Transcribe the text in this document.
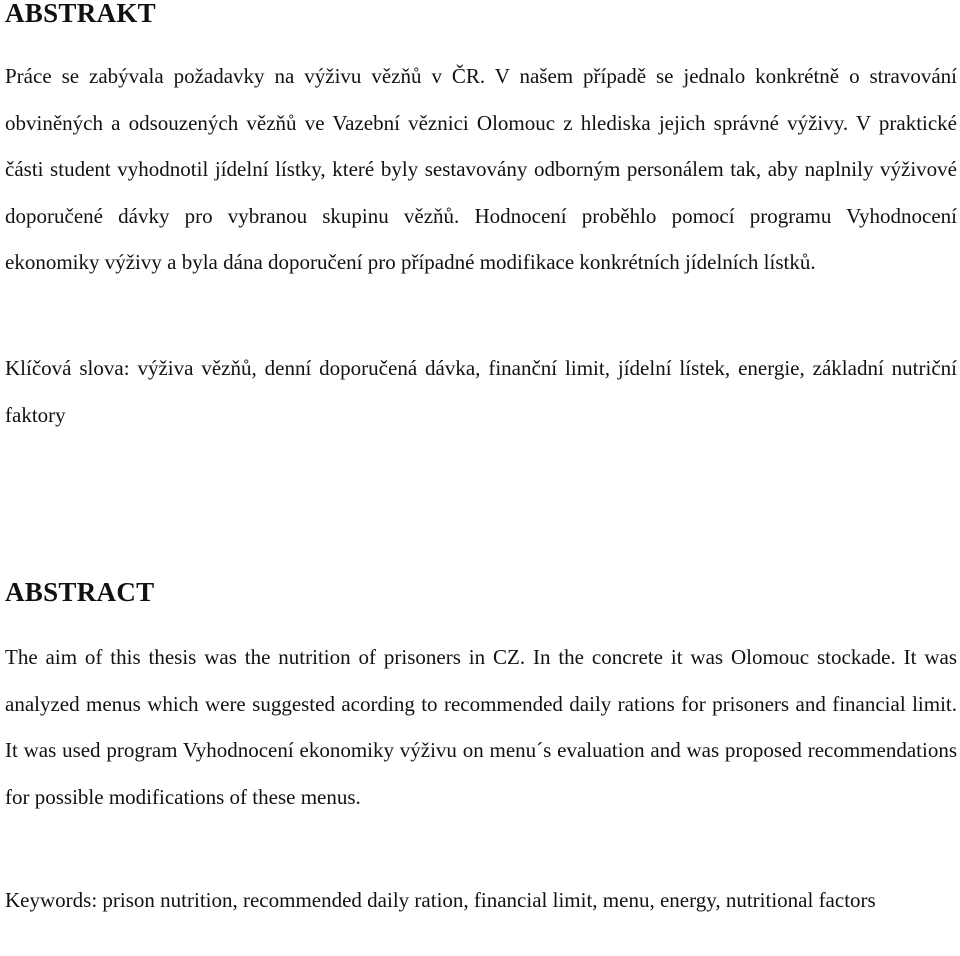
ABSTRAKT

Práce se zabývala požadavky na výživu vězňů v ČR. V našem případě se jednalo konkrétně o stravování obviněných a odsouzených vězňů ve Vazební věznici Olomouc z hlediska jejich správné výživy. V praktické části student vyhodnotil jídelní lístky, které byly sestavovány odborným personálem tak, aby naplnily výživové doporučené dávky pro vybranou skupinu vězňů. Hodnocení proběhlo pomocí programu Vyhodnocení ekonomiky výživy a byla dána doporučení pro případné modifikace konkrétních jídelních lístků.

Klíčová slova: výživa vězňů, denní doporučená dávka, finanční limit, jídelní lístek, energie, základní nutriční faktory

ABSTRACT

The aim of this thesis was the nutrition of prisoners in CZ. In the concrete it was Olomouc stockade. It was analyzed menus which were suggested acording to recommended daily rations for prisoners and financial limit. It was used program Vyhodnocení ekonomiky výživu on menu´s evaluation and was proposed recommendations for possible modifications of these menus.

Keywords: prison nutrition, recommended daily ration, financial limit, menu, energy, nutritional factors
